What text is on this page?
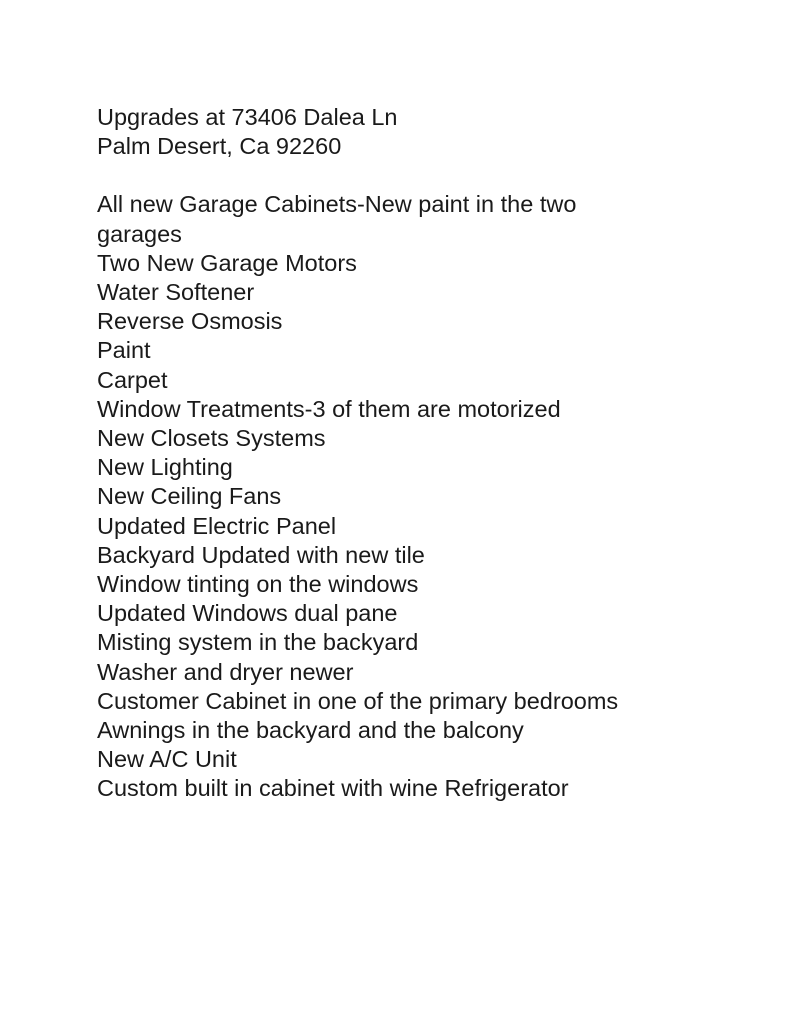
Upgrades at 73406 Dalea Ln
Palm Desert, Ca 92260
All new Garage Cabinets-New paint in the two
garages
Two New Garage Motors
Water Softener
Reverse Osmosis
Paint
Carpet
Window Treatments-3 of them are motorized
New Closets Systems
New Lighting
New Ceiling Fans
Updated Electric Panel
Backyard Updated with new tile
Window tinting on the windows
Updated Windows dual pane
Misting system in the backyard
Washer and dryer newer
Customer Cabinet in one of the primary bedrooms
Awnings in the backyard and the balcony
New A/C Unit
Custom built in cabinet with wine Refrigerator
